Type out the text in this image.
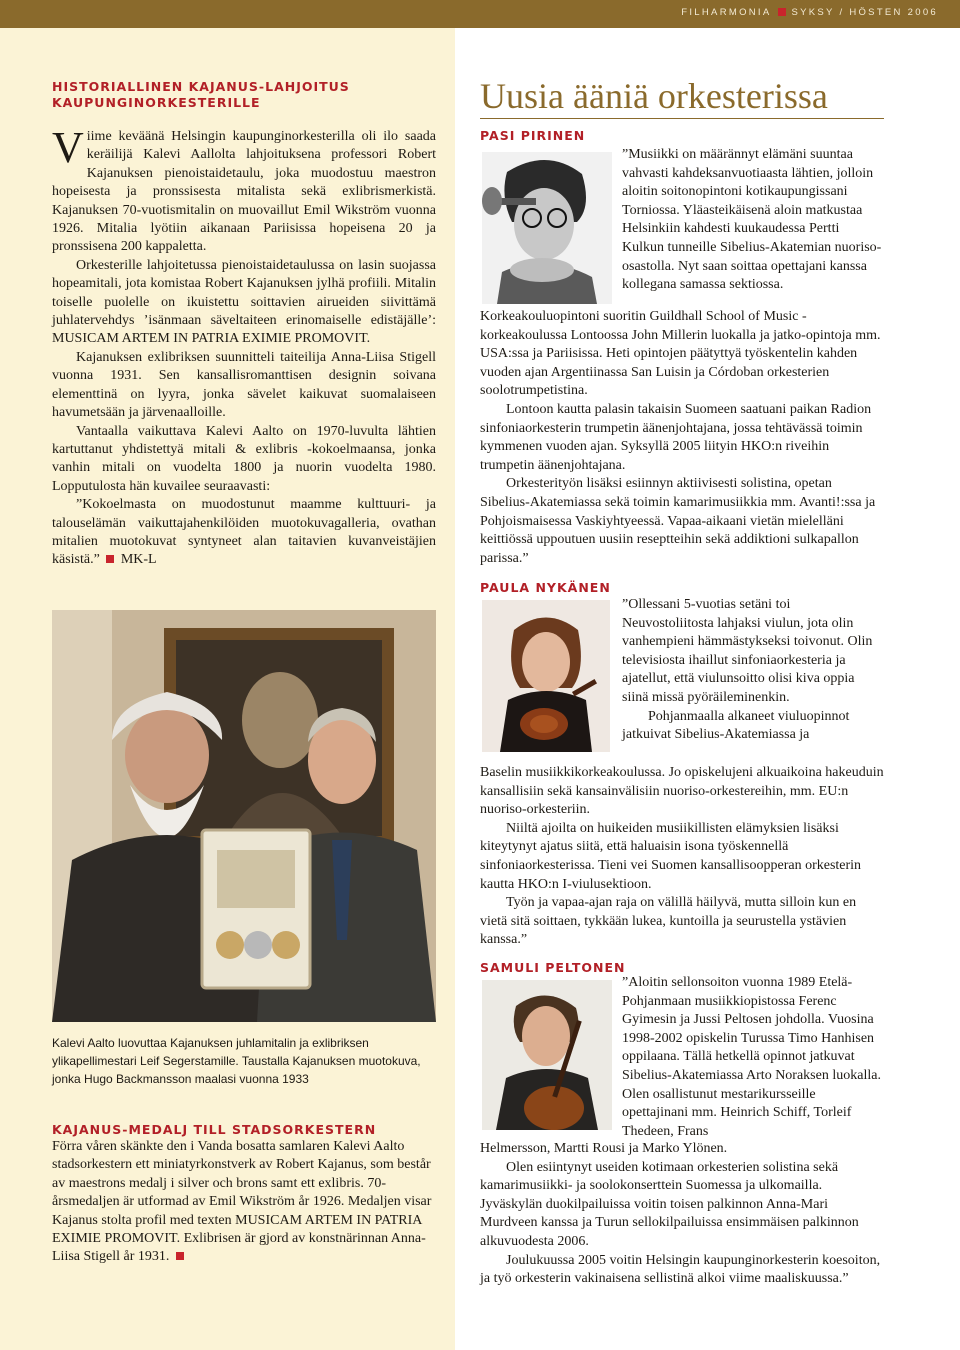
FILHARMONIA SYKSY / HÖSTEN 2006
HISTORIALLINEN KAJANUS-LAHJOITUS
KAUPUNGINORKESTERILLE

Viime keväänä Helsingin kaupunginorkesterilla oli ilo saada keräilijä Kalevi Aallolta lahjoituksena professori Robert Kajanuksen pienoistaidetaulu, joka muodostuu maestron hopeisesta ja pronssisesta mitalista sekä exlibrismerkistä. Kajanuksen 70-vuotismitalin on muovaillut Emil Wikström vuonna 1926. Mitalia lyötiin aikanaan Pariisissa hopeisena 20 ja pronssisena 200 kappaletta.

Orkesterille lahjoitetussa pienoistaidetaulussa on lasin suojassa hopeamitali, jota komistaa Robert Kajanuksen jylhä profiili. Mitalin toiselle puolelle on ikuistettu soittavien airueiden siivittämä juhlatervehdys ’isänmaan säveltaiteen erinomaiselle edistäjälle’: MUSICAM ARTEM IN PATRIA EXIMIE PROMOVIT.

Kajanuksen exlibriksen suunnitteli taiteilija Anna-Liisa Stigell vuonna 1931. Sen kansallisromanttisen designin soivana elementtinä on lyyra, jonka sävelet kaikuvat suomalaiseen havumetsään ja järvenaalloille.

Vantaalla vaikuttava Kalevi Aalto on 1970-luvulta lähtien kartuttanut yhdistettyä mitali & exlibris -kokoelmaansa, jonka vanhin mitali on vuodelta 1800 ja nuorin vuodelta 1980. Lopputulosta hän kuvailee seuraavasti:

”Kokoelmasta on muodostunut maamme kulttuuri- ja talouselämän vaikuttajahenkilöiden muotokuvagalleria, ovathan mitalien muotokuvat syntyneet alan taitavien kuvanveistäjien käsistä.” MK-L

Kalevi Aalto luovuttaa Kajanuksen juhlamitalin ja exlibriksen ylikapellimestari Leif Segerstamille. Taustalla Kajanuksen muotokuva, jonka Hugo Backmansson maalasi vuonna 1933
KAJANUS-MEDALJ TILL STADSORKESTERN
Förra våren skänkte den i Vanda bosatta samlaren Kalevi Aalto stadsorkestern ett miniatyrkonstverk av Robert Kajanus, som består av maestrons medalj i silver och brons samt ett exlibris. 70-årsmedaljen är utformad av Emil Wikström år 1926. Medaljen visar Kajanus stolta profil med texten MUSICAM ARTEM IN PATRIA EXIMIE PROMOVIT. Exlibrisen är gjord av konstnärinnan Anna-Liisa Stigell år 1931.
Uusia ääniä orkesterissa
PASI PIRINEN
”Musiikki on määrännyt elämäni suuntaa vahvasti kahdeksanvuotiaasta lähtien, jolloin aloitin soitonopintoni kotikaupungissani Torniossa. Yläasteikäisenä aloin matkustaa Helsinkiin kahdesti kuukaudessa Pertti Kulkun tunneille Sibelius-Akatemian nuoriso-osastolla. Nyt saan soittaa opettajani kanssa kollegana samassa sektiossa.

Korkeakouluopintoni suoritin Guildhall School of Music -korkeakoulussa Lontoossa John Millerin luokalla ja jatko-opintoja mm. USA:ssa ja Pariisissa. Heti opintojen päätyttyä työskentelin kahden vuoden ajan Argentiinassa San Luisin ja Córdoban orkesterien soolotrumpetistina.

Lontoon kautta palasin takaisin Suomeen saatuani paikan Radion sinfoniaorkesterin trumpetin äänenjohtajana, jossa tehtävässä toimin kymmenen vuoden ajan. Syksyllä 2005 liityin HKO:n riveihin trumpetin äänenjohtajana.

Orkesterityön lisäksi esiinnyn aktiivisesti solistina, opetan Sibelius-Akatemiassa sekä toimin kamarimusiikkia mm. Avanti!:ssa ja Pohjoismaisessa Vaskiyhtyeessä. Vapaa-aikaani vietän mielelläni keittiössä uppoutuen uusiin reseptteihin sekä addiktioni sulkapallon parissa.”

PAULA NYKÄNEN
”Ollessani 5-vuotias setäni toi Neuvostoliitosta lahjaksi viulun, jota olin vanhempieni hämmästykseksi toivonut. Olin televisiosta ihaillut sinfoniaorkesteria ja ajatellut, että viulunsoitto olisi kiva oppia siinä missä pyöräileminenkin.
Pohjanmaalla alkaneet viuluopinnot jatkuivat Sibelius-Akatemiassa ja

Baselin musiikkikorkeakoulussa. Jo opiskelujeni alkuaikoina hakeuduin kansallisiin sekä kansainvälisiin nuoriso-orkestereihin, mm. EU:n nuoriso-orkesteriin.

Niiltä ajoilta on huikeiden musiikillisten elämyksien lisäksi kiteytynyt ajatus siitä, että haluaisin isona työskennellä sinfoniaorkesterissa. Tieni vei Suomen kansallisoopperan orkesterin kautta HKO:n I-viulusektioon.

Työn ja vapaa-ajan raja on välillä häilyvä, mutta silloin kun en vietä sitä soittaen, tykkään lukea, kuntoilla ja seurustella ystävien kanssa.”

SAMULI PELTONEN
”Aloitin sellonsoiton vuonna 1989 Etelä-Pohjanmaan musiikkiopistossa Ferenc Gyimesin ja Jussi Peltosen johdolla. Vuosina 1998-2002 opiskelin Turussa Timo Hanhisen oppilaana. Tällä hetkellä opinnot jatkuvat Sibelius-Akatemiassa Arto Noraksen luokalla. Olen osallistunut mestarikursseille opettajinani mm. Heinrich Schiff, Torleif Thedeen, Frans

Helmersson, Martti Rousi ja Marko Ylönen.

Olen esiintynyt useiden kotimaan orkesterien solistina sekä kamarimusiikki- ja soolokonserttein Suomessa ja ulkomailla. Jyväskylän duokilpailuissa voitin toisen palkinnon Anna-Mari Murdveen kanssa ja Turun sellokilpailuissa ensimmäisen palkinnon alkuvuodesta 2006.

Joulukuussa 2005 voitin Helsingin kaupunginorkesterin koesoiton, ja työ orkesterin vakinaisena sellistinä alkoi viime maaliskuussa.”
